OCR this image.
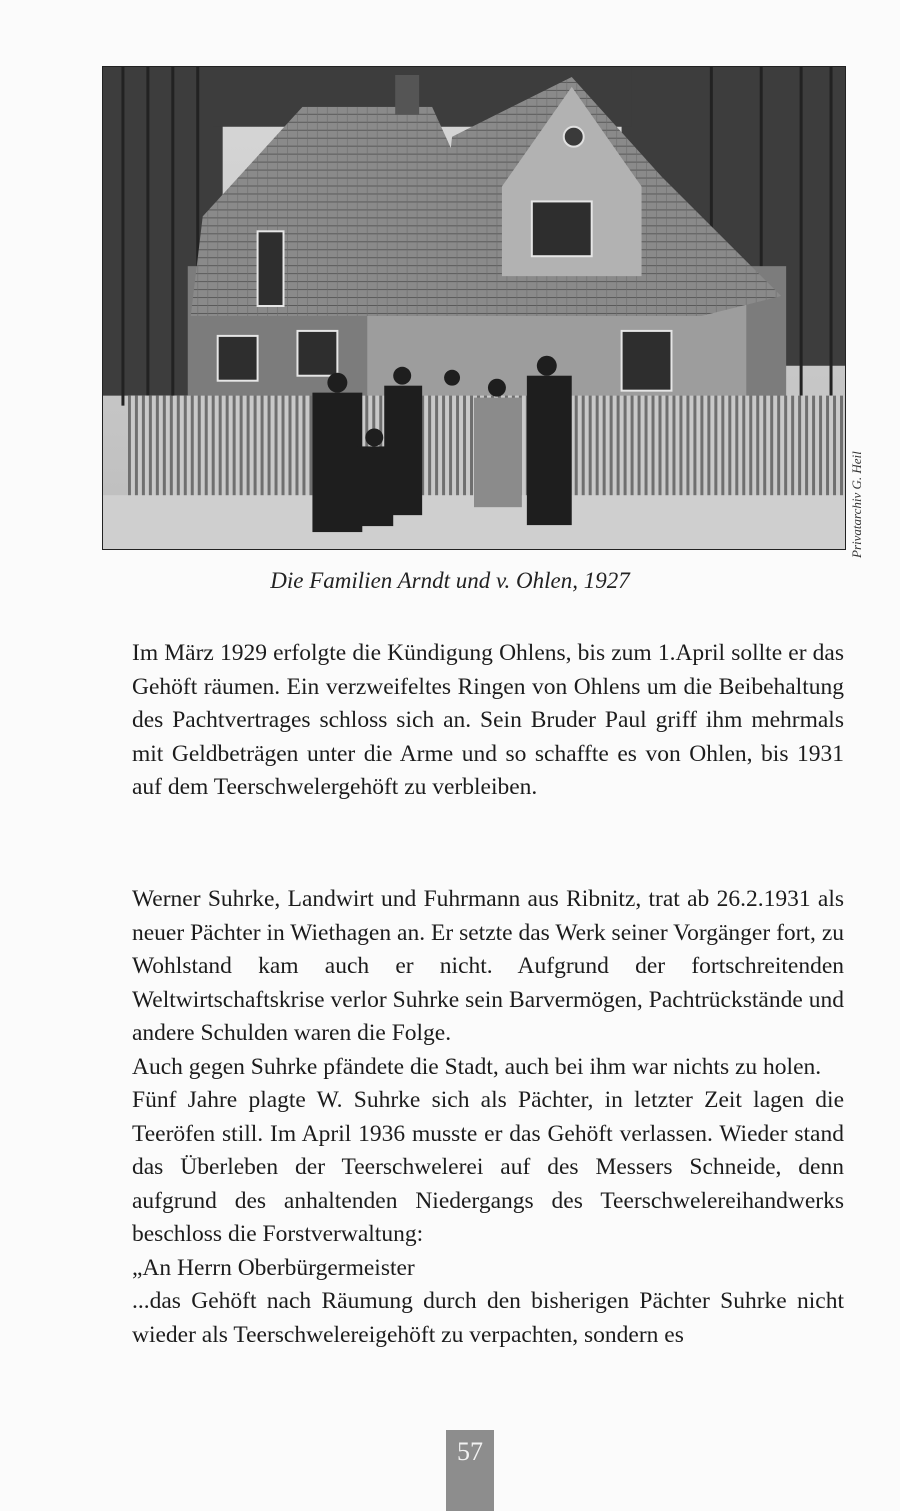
Privatarchiv G. Heil
Die Familien Arndt und v. Ohlen, 1927

Im März 1929 erfolgte die Kündigung Ohlens, bis zum 1.April sollte er das Gehöft räumen. Ein verzweifeltes Ringen von Ohlens um die Beibehaltung des Pachtvertrages schloss sich an. Sein Bruder Paul griff ihm mehrmals mit Geldbeträgen unter die Arme und so schaffte es von Ohlen, bis 1931 auf dem Teerschwelergehöft zu verbleiben.

Werner Suhrke, Landwirt und Fuhrmann aus Ribnitz, trat ab 26.2.1931 als neuer Pächter in Wiethagen an. Er setzte das Werk seiner Vorgänger fort, zu Wohlstand kam auch er nicht. Aufgrund der fortschreitenden Weltwirtschaftskrise verlor Suhrke sein Barvermögen, Pachtrückstände und andere Schulden waren die Folge.

Auch gegen Suhrke pfändete die Stadt, auch bei ihm war nichts zu holen.

Fünf Jahre plagte W. Suhrke sich als Pächter, in letzter Zeit lagen die Teeröfen still. Im April 1936 musste er das Gehöft verlassen. Wieder stand das Überleben der Teerschwelerei auf des Messers Schneide, denn aufgrund des anhaltenden Niedergangs des Teerschwelereihandwerks beschloss die Forstverwaltung:

„An Herrn Oberbürgermeister

...das Gehöft nach Räumung durch den bisherigen Pächter Suhrke nicht wieder als Teerschwelereigehöft zu verpachten, sondern es

57
